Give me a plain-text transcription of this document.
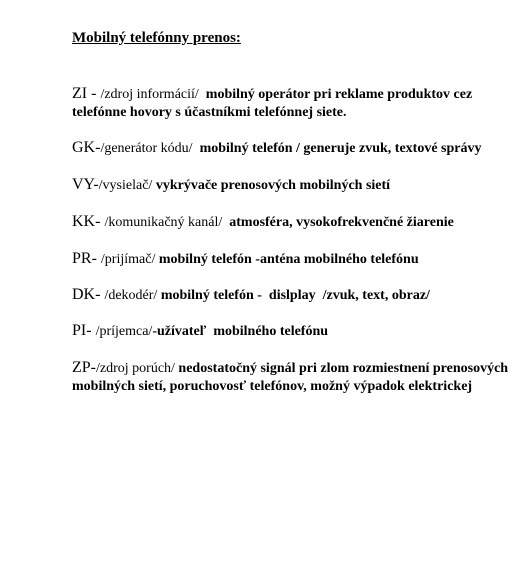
Mobilný telefónny prenos:
ZI - /zdroj informácií/  mobilný operátor pri reklame produktov cez
telefónne hovory s účastníkmi telefónnej siete.
GK-/generátor kódu/  mobilný telefón / generuje zvuk, textové správy
VY-/vysielač/ vykrývače prenosových mobilných sietí
KK- /komunikačný kanál/  atmosféra, vysokofrekvenčné žiarenie
PR- /prijímač/ mobilný telefón -anténa mobilného telefónu
DK- /dekodér/ mobilný telefón -  dislplay  /zvuk, text, obraz/
PI- /príjemca/-užívateľ  mobilného telefónu
ZP-/zdroj porúch/ nedostatočný signál pri zlom rozmiestnení prenosových
mobilných sietí, poruchovosť telefónov, možný výpadok elektrickej
